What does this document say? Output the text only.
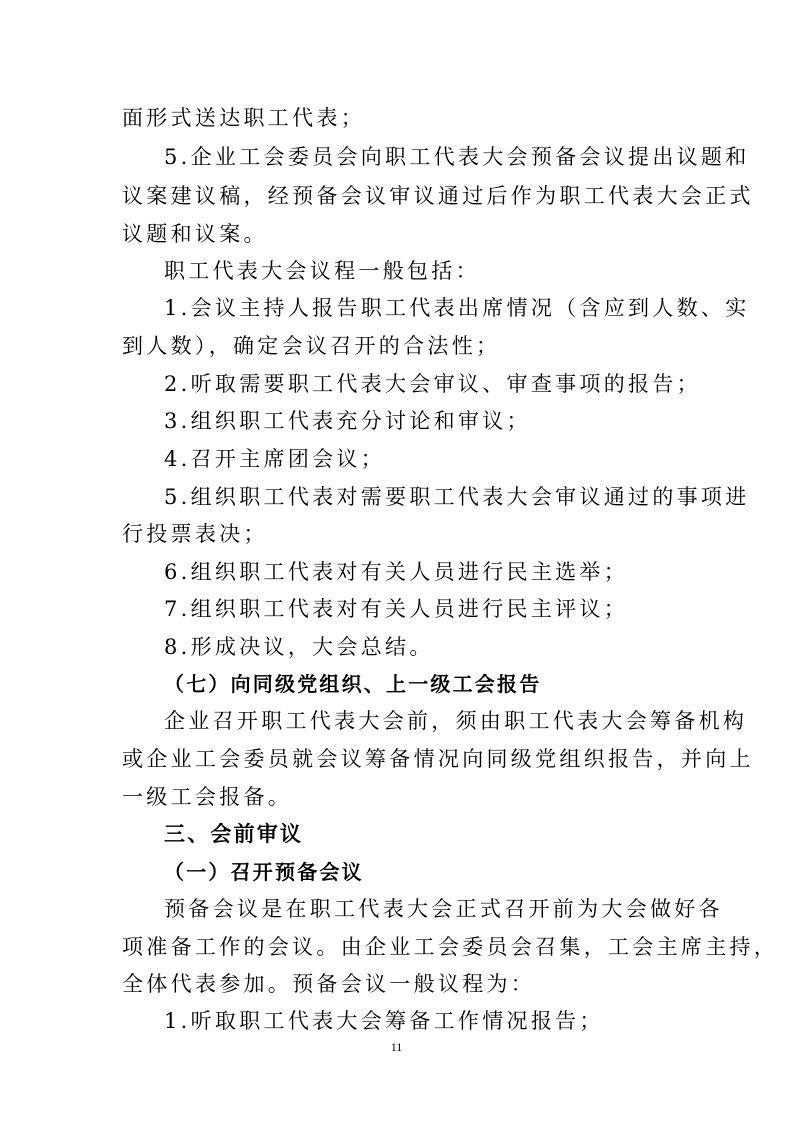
面形式送达职工代表；
5.企业工会委员会向职工代表大会预备会议提出议题和
议案建议稿，经预备会议审议通过后作为职工代表大会正式
议题和议案。
职工代表大会议程一般包括：
1.会议主持人报告职工代表出席情况（含应到人数、实
到人数），确定会议召开的合法性；
2.听取需要职工代表大会审议、审查事项的报告；
3.组织职工代表充分讨论和审议；
4.召开主席团会议；
5.组织职工代表对需要职工代表大会审议通过的事项进
行投票表决；
6.组织职工代表对有关人员进行民主选举；
7.组织职工代表对有关人员进行民主评议；
8.形成决议，大会总结。
（七）向同级党组织、上一级工会报告
企业召开职工代表大会前，须由职工代表大会筹备机构
或企业工会委员就会议筹备情况向同级党组织报告，并向上
一级工会报备。
三、会前审议
（一）召开预备会议
预备会议是在职工代表大会正式召开前为大会做好各
项准备工作的会议。由企业工会委员会召集，工会主席主持，
全体代表参加。预备会议一般议程为：
1.听取职工代表大会筹备工作情况报告；
11
